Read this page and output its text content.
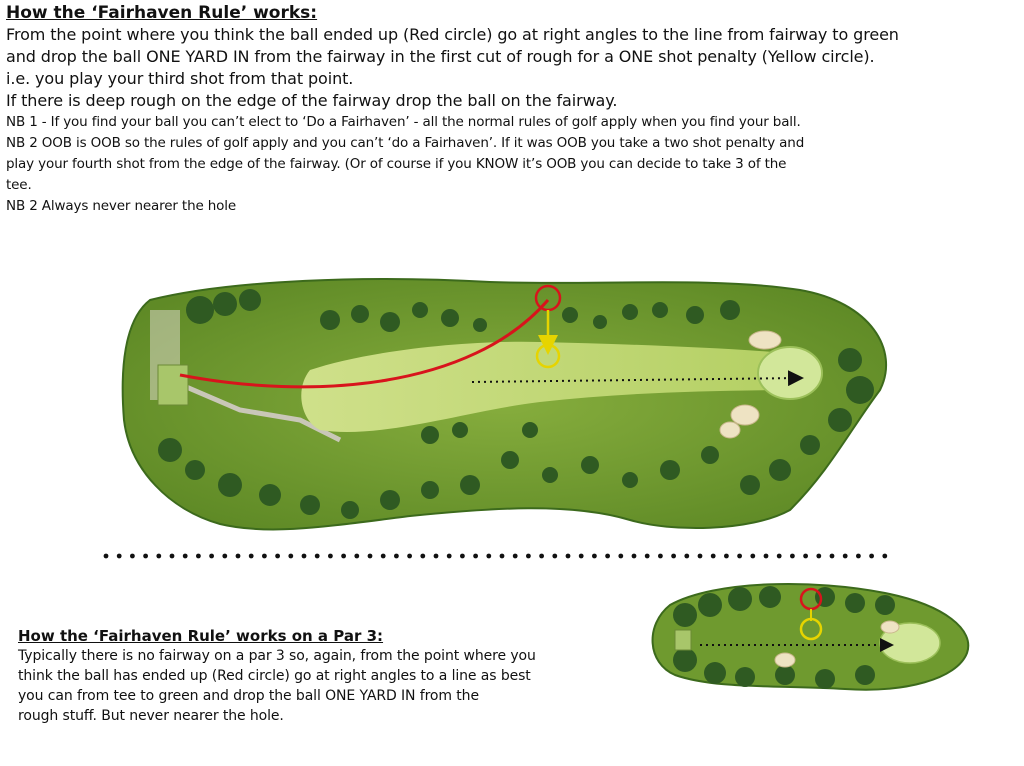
How the ‘Fairhaven Rule’ works:

From the point where you think the ball ended up (Red circle) go at right angles to the line from fairway to green

and drop the ball ONE YARD IN from the fairway in the first cut of rough for a ONE shot penalty (Yellow circle).

i.e. you play your third shot from that point.

If there is deep rough on the edge of the fairway drop the ball on the fairway.

NB 1 - If you find your ball you can’t elect to ‘Do a Fairhaven’ - all the normal rules of golf apply when you find your ball.

NB 2 OOB is OOB so the rules of golf apply and you can’t ‘do a Fairhaven’. If it was OOB you take a two shot penalty and

play your fourth shot from the edge of the fairway. (Or of course if you KNOW it’s OOB you can decide to take 3 of the

tee.

NB 2 Always never nearer the hole

How the ‘Fairhaven Rule’ works on a Par 3:

Typically there is no fairway on a par 3 so, again, from the point where you

think the ball has ended up (Red circle) go at right angles to a line as best

you can from tee to green and drop the ball ONE YARD IN from the

rough stuff. But never nearer the hole.
